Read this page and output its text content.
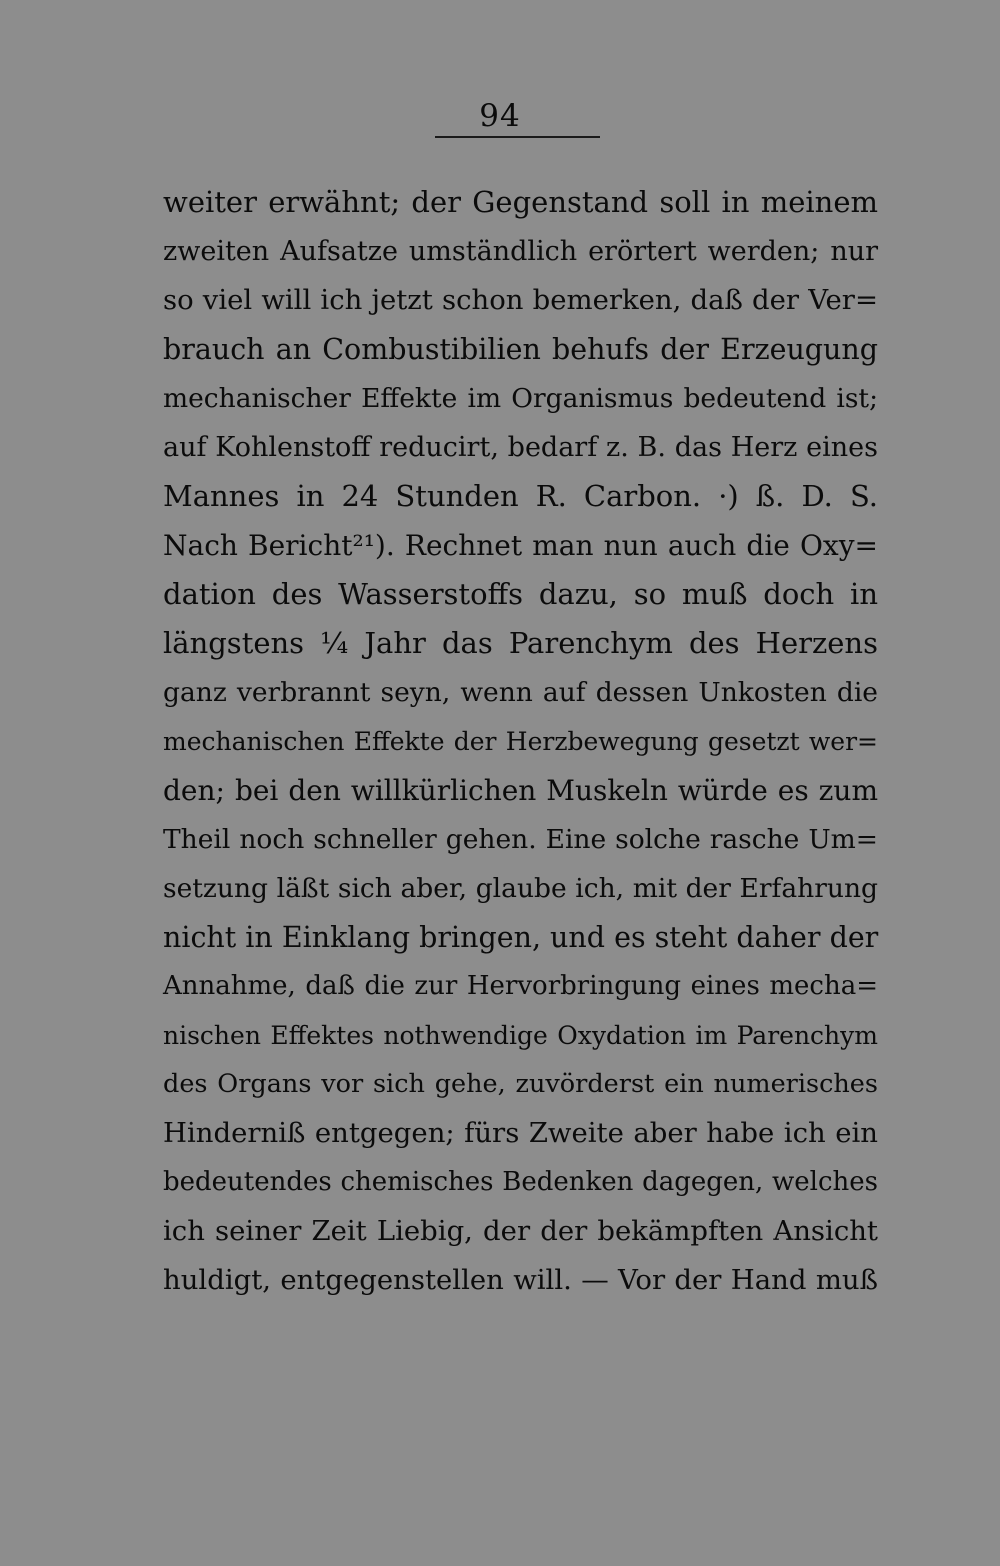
94
weiter erwähnt; der Gegenstand soll in meinem
zweiten Aufsatze umständlich erörtert werden; nur
so viel will ich jetzt schon bemerken, daß der Ver=
brauch an Combustibilien behufs der Erzeugung
mechanischer Effekte im Organismus bedeutend ist;
auf Kohlenstoff reducirt, bedarf z. B. das Herz eines
Mannes in 24 Stunden R. Carbon. ·) ß. D. S.
Nach Bericht²¹). Rechnet man nun auch die Oxy=
dation des Wasserstoffs dazu, so muß doch in
längstens ¼ Jahr das Parenchym des Herzens
ganz verbrannt seyn, wenn auf dessen Unkosten die
mechanischen Effekte der Herzbewegung gesetzt wer=
den; bei den willkürlichen Muskeln würde es zum
Theil noch schneller gehen. Eine solche rasche Um=
setzung läßt sich aber, glaube ich, mit der Erfahrung
nicht in Einklang bringen, und es steht daher der
Annahme, daß die zur Hervorbringung eines mecha=
nischen Effektes nothwendige Oxydation im Parenchym
des Organs vor sich gehe, zuvörderst ein numerisches
Hinderniß entgegen; fürs Zweite aber habe ich ein
bedeutendes chemisches Bedenken dagegen, welches
ich seiner Zeit Liebig, der der bekämpften Ansicht
huldigt, entgegenstellen will. — Vor der Hand muß
